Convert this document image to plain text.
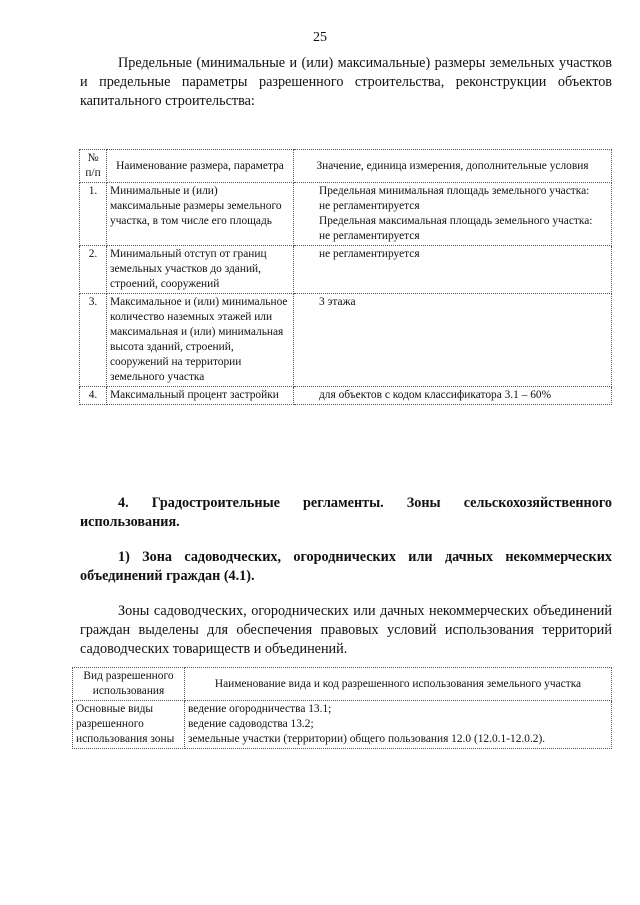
25

Предельные (минимальные и (или) максимальные) размеры земельных участков и предельные параметры разрешенного строительства, реконструкции объектов капитального строительства:

№ п/п	Наименование размера, параметра	Значение, единица измерения, дополнительные условия
1.	Минимальные и (или) максимальные размеры земельного участка, в том числе его площадь	Предельная минимальная площадь земельного участка:

не регламентируется

Предельная максимальная площадь земельного участка:

не регламентируется

2.	Минимальный отступ от границ земельных участков до зданий, строений, сооружений	не регламентируется

3.	Максимальное и (или) минимальное количество наземных этажей или максимальная и (или) минимальная высота зданий, строений, сооружений на территории земельного участка	3 этажа

4.	Максимальный процент застройки	для объектов с кодом классификатора 3.1 – 60%

4. Градостроительные регламенты. Зоны сельскохозяйственного использования.

1) Зона садоводческих, огороднических или дачных некоммерческих объединений граждан (4.1).

Зоны садоводческих, огороднических или дачных некоммерческих объединений граждан выделены для обеспечения правовых условий использования территорий садоводческих товариществ и объединений.

Вид разрешенного использования	Наименование вида и код разрешенного использования земельного участка
Основные виды разрешенного использования зоны	ведение огородничества 13.1;
ведение садоводства 13.2;
земельные участки (территории) общего пользования 12.0 (12.0.1-12.0.2).
